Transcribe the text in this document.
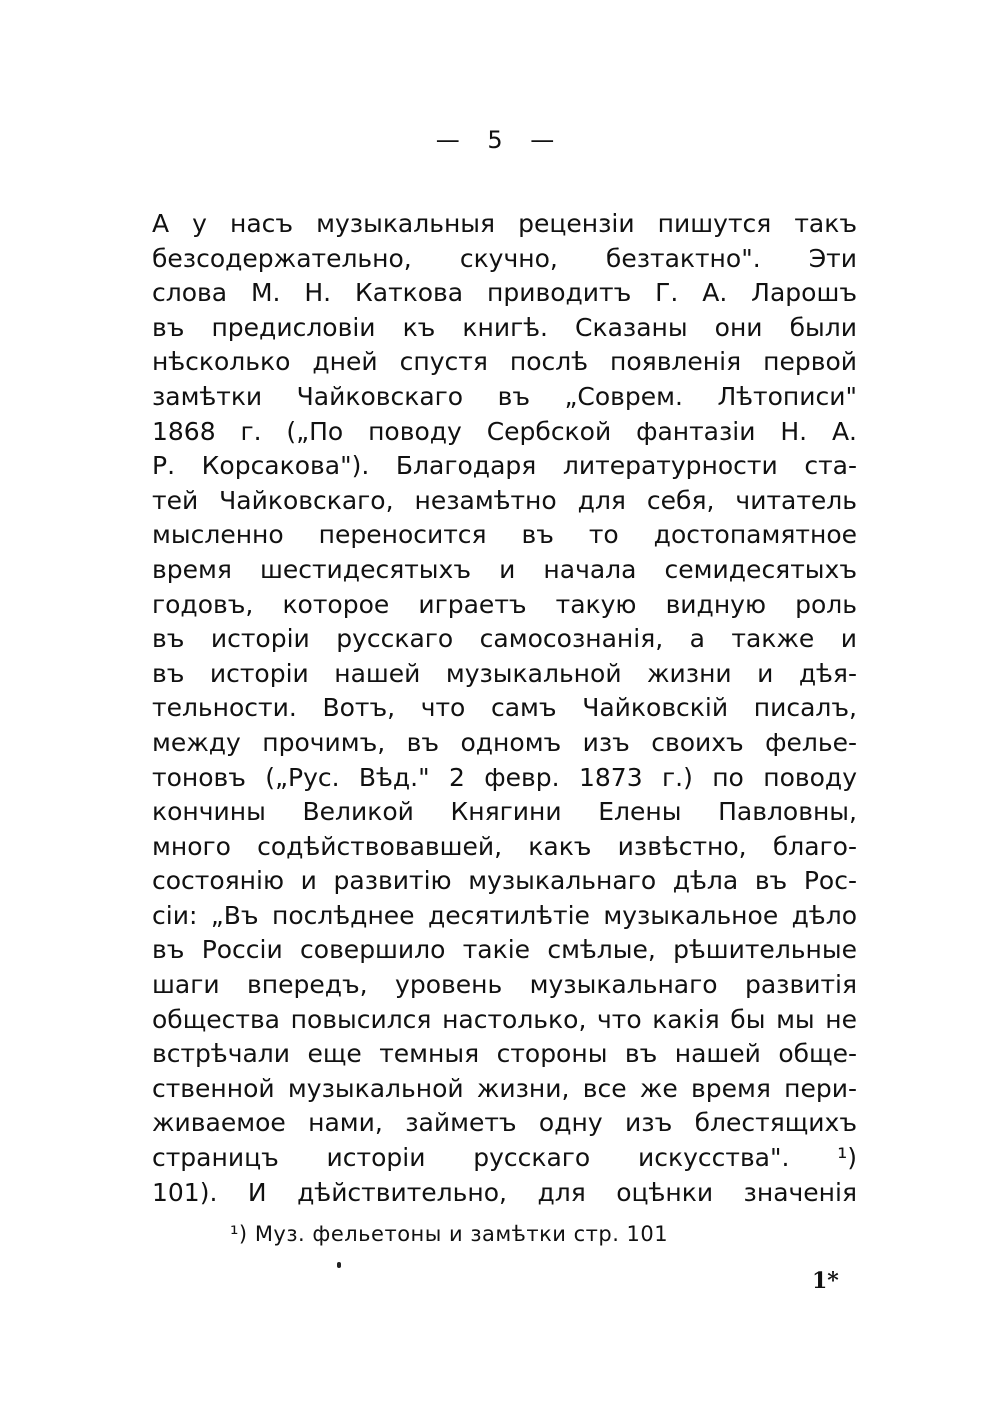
— 5 —
А у насъ музыкальныя рецензіи пишутся такъ
безсодержательно, скучно, безтактно". Эти
слова М. Н. Каткова приводитъ Г. А. Ларошъ
въ предисловіи къ книгѣ. Сказаны они были
нѣсколько дней спустя послѣ появленія первой
замѣтки Чайковскаго въ „Соврем. Лѣтописи"
1868 г. („По поводу Сербской фантазіи Н. А.
Р. Корсакова"). Благодаря литературности ста-
тей Чайковскаго, незамѣтно для себя, читатель
мысленно переносится въ то достопамятное
время шестидесятыхъ и начала семидесятыхъ
годовъ, которое играетъ такую видную роль
въ исторіи русскаго самосознанія, а также и
въ исторіи нашей музыкальной жизни и дѣя-
тельности. Вотъ, что самъ Чайковскій писалъ,
между прочимъ, въ одномъ изъ своихъ фелье-
тоновъ („Рус. Вѣд." 2 февр. 1873 г.) по поводу
кончины Великой Княгини Елены Павловны,
много содѣйствовавшей, какъ извѣстно, благо-
состоянію и развитію музыкальнаго дѣла въ Рос-
сіи: „Въ послѣднее десятилѣтіе музыкальное дѣло
въ Россіи совершило такіе смѣлые, рѣшительные
шаги впередъ, уровень музыкальнаго развитія
общества повысился настолько, что какія бы мы не
встрѣчали еще темныя стороны въ нашей обще-
ственной музыкальной жизни, все же время пери-
живаемое нами, займетъ одну изъ блестящихъ
страницъ исторіи русскаго искусства". ¹)
101). И дѣйствительно, для оцѣнки значенія
¹) Муз. фельетоны и замѣтки стр. 101
1*
